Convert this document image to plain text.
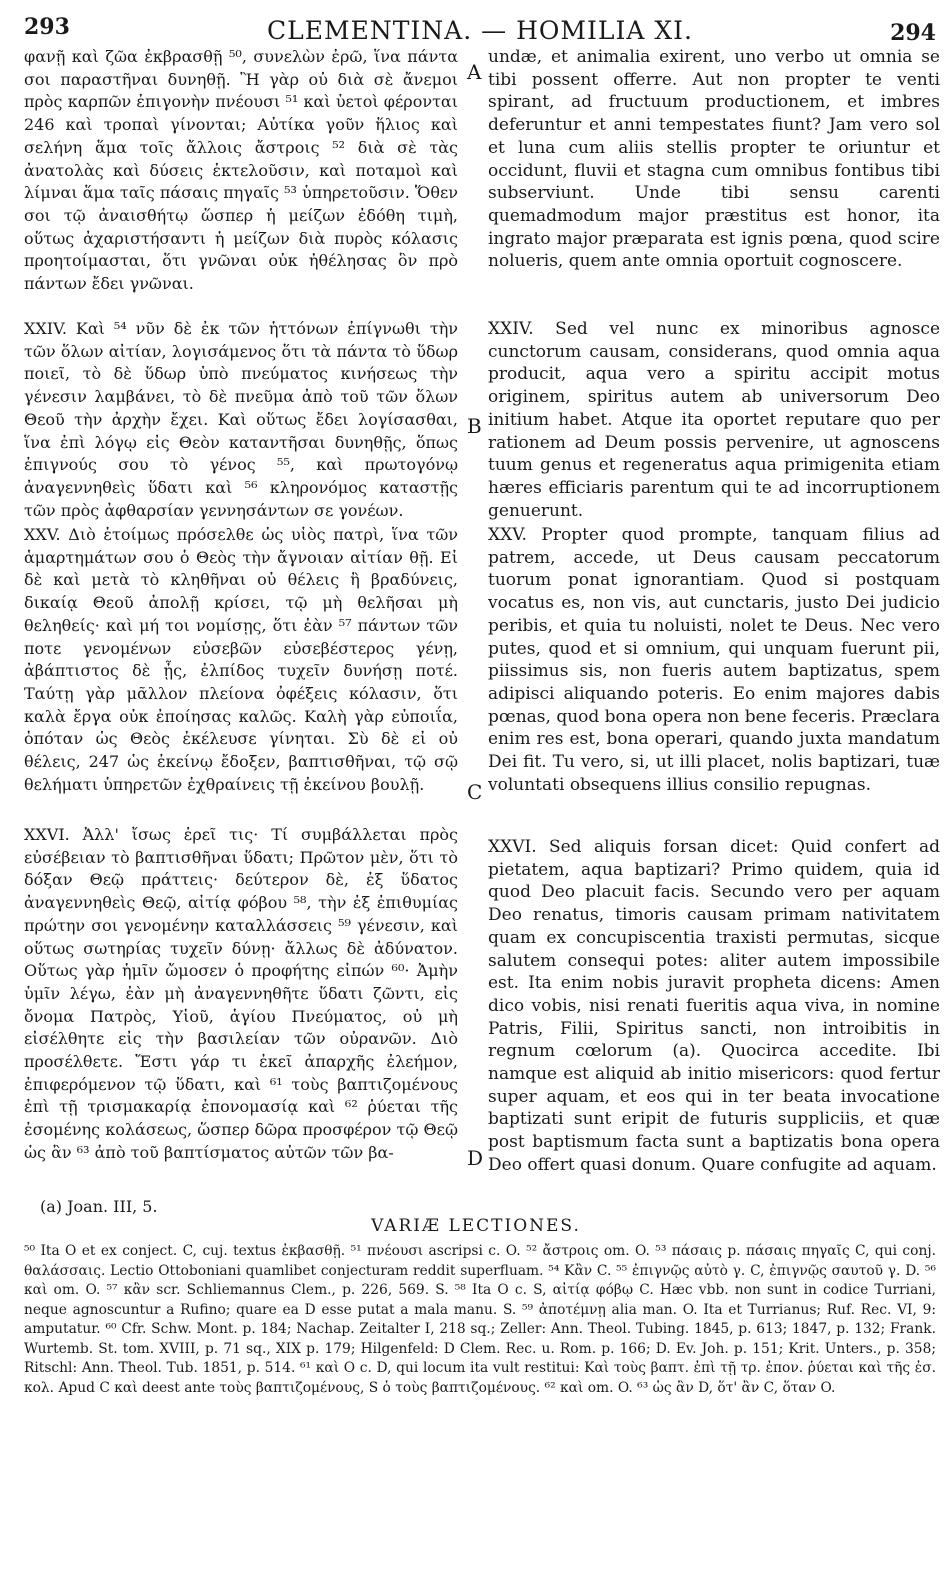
293	CLEMENTINA. — HOMILIA XI.	294

φανῇ καὶ ζῶα ἐκβρασθῇ ⁵⁰, συνελὼν ἐρῶ, ἵνα πάντα σοι παραστῆναι δυνηθῇ. Ἢ γὰρ οὐ διὰ σὲ ἄνεμοι πρὸς καρπῶν ἐπιγονὴν πνέουσι ⁵¹ καὶ ὑετοὶ φέρονται 246 καὶ τροπαὶ γίνονται; Αὐτίκα γοῦν ἥλιος καὶ σελήνη ἅμα τοῖς ἄλλοις ἄστροις ⁵² διὰ σὲ τὰς ἀνατολὰς καὶ δύσεις ἐκτελοῦσιν, καὶ ποταμοὶ καὶ λίμναι ἅμα ταῖς πάσαις πηγαῖς ⁵³ ὑπηρετοῦσιν. Ὅθεν σοι τῷ ἀναισθήτῳ ὥσπερ ἡ μείζων ἐδόθη τιμὴ, οὕτως ἀχαριστήσαντι ἡ μείζων διὰ πυρὸς κόλασις προητοίμασται, ὅτι γνῶναι οὐκ ἠθέλησας ὃν πρὸ πάντων ἔδει γνῶναι.

XXIV. Καὶ ⁵⁴ νῦν δὲ ἐκ τῶν ἡττόνων ἐπίγνωθι τὴν τῶν ὅλων αἰτίαν, λογισάμενος ὅτι τὰ πάντα τὸ ὕδωρ ποιεῖ, τὸ δὲ ὕδωρ ὑπὸ πνεύματος κινήσεως τὴν γένεσιν λαμβάνει, τὸ δὲ πνεῦμα ἀπὸ τοῦ τῶν ὅλων Θεοῦ τὴν ἀρχὴν ἔχει. Καὶ οὕτως ἔδει λογίσασθαι, ἵνα ἐπὶ λόγῳ εἰς Θεὸν καταντῆσαι δυνηθῇς, ὅπως ἐπιγνούς σου τὸ γένος ⁵⁵, καὶ πρωτογόνῳ ἀναγεννηθεὶς ὕδατι καὶ ⁵⁶ κληρονόμος καταστῇς τῶν πρὸς ἀφθαρσίαν γεννησάντων σε γονέων.

XXV. Διὸ ἑτοίμως πρόσελθε ὡς υἱὸς πατρὶ, ἵνα τῶν ἁμαρτημάτων σου ὁ Θεὸς τὴν ἄγνοιαν αἰτίαν θῇ. Εἰ δὲ καὶ μετὰ τὸ κληθῆναι οὐ θέλεις ἢ βραδύνεις, δικαίᾳ Θεοῦ ἀπολῇ κρίσει, τῷ μὴ θελῆσαι μὴ θεληθείς· καὶ μή τοι νομίσῃς, ὅτι ἐὰν ⁵⁷ πάντων τῶν ποτε γενομένων εὐσεβῶν εὐσεβέστερος γένῃ, ἀβάπτιστος δὲ ᾖς, ἐλπίδος τυχεῖν δυνήσῃ ποτέ. Ταύτῃ γὰρ μᾶλλον πλείονα ὀφέξεις κόλασιν, ὅτι καλὰ ἔργα οὐκ ἐποίησας καλῶς. Καλὴ γὰρ εὐποιΐα, ὁπόταν ὡς Θεὸς ἐκέλευσε γίνηται. Σὺ δὲ εἰ οὐ θέλεις, 247 ὡς ἐκείνῳ ἔδοξεν, βαπτισθῆναι, τῷ σῷ θελήματι ὑπηρετῶν ἐχθραίνεις τῇ ἐκείνου βουλῇ.

XXVI. Ἀλλ' ἴσως ἐρεῖ τις· Τί συμβάλλεται πρὸς εὐσέβειαν τὸ βαπτισθῆναι ὕδατι; Πρῶτον μὲν, ὅτι τὸ δόξαν Θεῷ πράττεις· δεύτερον δὲ, ἐξ ὕδατος ἀναγεννηθεὶς Θεῷ, αἰτίᾳ φόβου ⁵⁸, τὴν ἐξ ἐπιθυμίας πρώτην σοι γενομένην καταλλάσσεις ⁵⁹ γένεσιν, καὶ οὕτως σωτηρίας τυχεῖν δύνῃ· ἄλλως δὲ ἀδύνατον. Οὕτως γὰρ ἡμῖν ὤμοσεν ὁ προφήτης εἰπών ⁶⁰· Ἀμὴν ὑμῖν λέγω, ἐὰν μὴ ἀναγεννηθῆτε ὕδατι ζῶντι, εἰς ὄνομα Πατρὸς, Υἱοῦ, ἁγίου Πνεύματος, οὐ μὴ εἰσέλθητε εἰς τὴν βασιλείαν τῶν οὐρανῶν. Διὸ προσέλθετε. Ἔστι γάρ τι ἐκεῖ ἀπαρχῆς ἐλεήμον, ἐπιφερόμενον τῷ ὕδατι, καὶ ⁶¹ τοὺς βαπτιζομένους ἐπὶ τῇ τρισμακαρίᾳ ἐπονομασίᾳ καὶ ⁶² ῥύεται τῆς ἐσομένης κολάσεως, ὥσπερ δῶρα προσφέρον τῷ Θεῷ ὡς ἂν ⁶³ ἀπὸ τοῦ βαπτίσματος αὐτῶν τῶν βα-

undæ, et animalia exirent, uno verbo ut omnia se tibi possent offerre. Aut non propter te venti spirant, ad fructuum productionem, et imbres deferuntur et anni tempestates fiunt? Jam vero sol et luna cum aliis stellis propter te oriuntur et occidunt, fluvii et stagna cum omnibus fontibus tibi subserviunt. Unde tibi sensu carenti quemadmodum major præstitus est honor, ita ingrato major præparata est ignis pœna, quod scire nolueris, quem ante omnia oportuit cognoscere.

XXIV. Sed vel nunc ex minoribus agnosce cunctorum causam, considerans, quod omnia aqua producit, aqua vero a spiritu accipit motus originem, spiritus autem ab universorum Deo initium habet. Atque ita oportet reputare quo per rationem ad Deum possis pervenire, ut agnoscens tuum genus et regeneratus aqua primigenita etiam hæres efficiaris parentum qui te ad incorruptionem genuerunt.

XXV. Propter quod prompte, tanquam filius ad patrem, accede, ut Deus causam peccatorum tuorum ponat ignorantiam. Quod si postquam vocatus es, non vis, aut cunctaris, justo Dei judicio peribis, et quia tu noluisti, nolet te Deus. Nec vero putes, quod et si omnium, qui unquam fuerunt pii, piissimus sis, non fueris autem baptizatus, spem adipisci aliquando poteris. Eo enim majores dabis pœnas, quod bona opera non bene feceris. Præclara enim res est, bona operari, quando juxta mandatum Dei fit. Tu vero, si, ut illi placet, nolis baptizari, tuæ voluntati obsequens illius consilio repugnas.

XXVI. Sed aliquis forsan dicet: Quid confert ad pietatem, aqua baptizari? Primo quidem, quia id quod Deo placuit facis. Secundo vero per aquam Deo renatus, timoris causam primam nativitatem quam ex concupiscentia traxisti permutas, sicque salutem consequi potes: aliter autem impossibile est. Ita enim nobis juravit propheta dicens: Amen dico vobis, nisi renati fueritis aqua viva, in nomine Patris, Filii, Spiritus sancti, non introibitis in regnum cœlorum (a). Quocirca accedite. Ibi namque est aliquid ab initio misericors: quod fertur super aquam, et eos qui in ter beata invocatione baptizati sunt eripit de futuris suppliciis, et quæ post baptismum facta sunt a baptizatis bona opera Deo offert quasi donum. Quare confugite ad aquam.

A
B
C
D
(a) Joan. III, 5.
VARIÆ LECTIONES.

⁵⁰ Ita O et ex conject. C, cuj. textus ἐκβασθῇ. ⁵¹ πνέουσι ascripsi c. O. ⁵² ἄστροις om. O. ⁵³ πάσαις p. πάσαις πηγαῖς C, qui conj. θαλάσσαις. Lectio Ottoboniani quamlibet conjecturam reddit superfluam. ⁵⁴ Κἂν C. ⁵⁵ ἐπιγνῷς αὐτὸ γ. C, ἐπιγνῷς σαυτοῦ γ. D. ⁵⁶ καὶ om. O. ⁵⁷ κἂν scr. Schliemannus Clem., p. 226, 569. S. ⁵⁸ Ita O c. S, αἰτίᾳ φόβῳ C. Hæc vbb. non sunt in codice Turriani, neque agnoscuntur a Rufino; quare ea D esse putat a mala manu. S. ⁵⁹ ἀποτέμνῃ alia man. O. Ita et Turrianus; Ruf. Rec. VI, 9: amputatur. ⁶⁰ Cfr. Schw. Mont. p. 184; Nachap. Zeitalter I, 218 sq.; Zeller: Ann. Theol. Tubing. 1845, p. 613; 1847, p. 132; Frank. Wurtemb. St. tom. XVIII, p. 71 sq., XIX p. 179; Hilgenfeld: D Clem. Rec. u. Rom. p. 166; D. Ev. Joh. p. 151; Krit. Unters., p. 358; Ritschl: Ann. Theol. Tub. 1851, p. 514. ⁶¹ καὶ O c. D, qui locum ita vult restitui: Καὶ τοὺς βαπτ. ἐπὶ τῇ τρ. ἐπον. ῥύεται καὶ τῆς ἐσ. κολ. Apud C καὶ deest ante τοὺς βαπτιζομένους, S ὁ τοὺς βαπτιζομένους. ⁶² καὶ om. O. ⁶³ ὡς ἂν D, ὅτ' ἂν C, ὅταν O.
